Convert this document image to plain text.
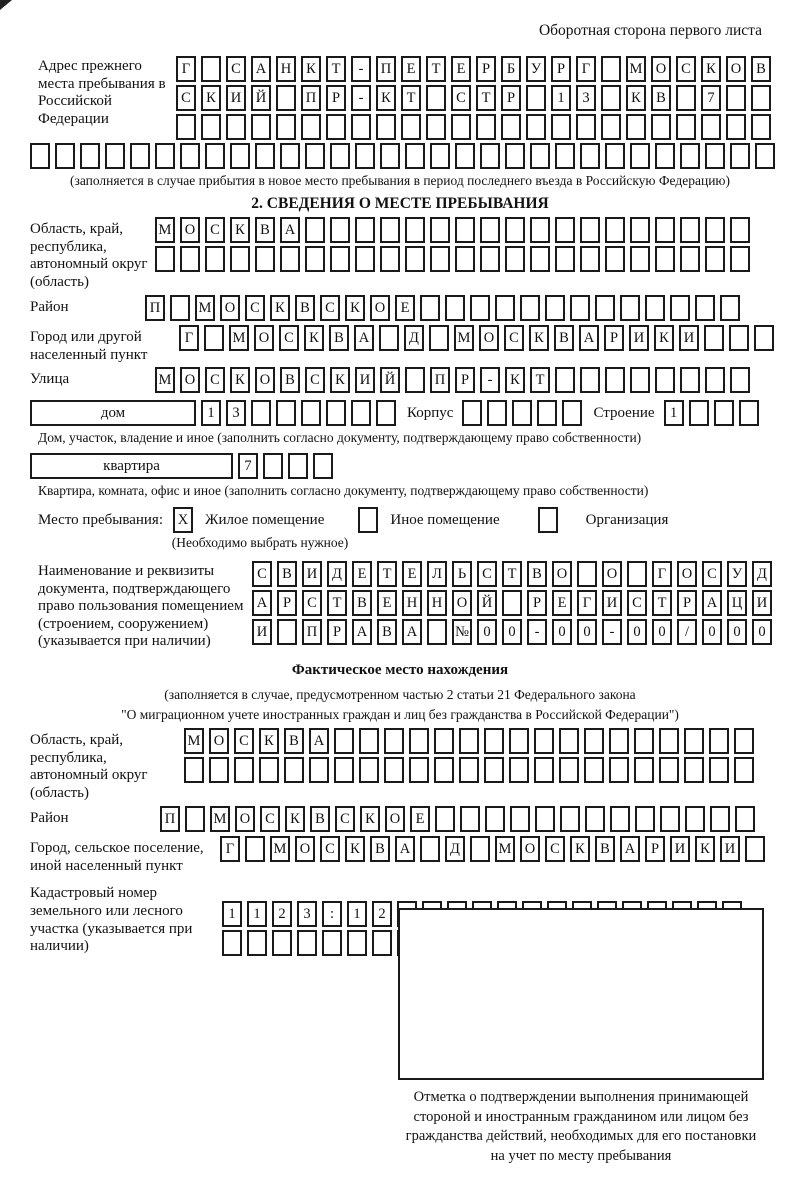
Оборотная сторона первого листа
Адрес прежнего места пребывания в Российской Федерации
Г	С	А	Н	К	Т	-	П	Е	Т	Е	Р	Б	У	Р	Г	М О	С	К	О	В
С	К	И	Й	П	Р	-	К	Т	С	Т	Р	1	3	К	В	7
(заполняется в случае прибытия в новое место пребывания в период последнего въезда в Российскую Федерацию)
2. СВЕДЕНИЯ О МЕСТЕ ПРЕБЫВАНИЯ
Область, край, республика, автономный округ (область)
М О	С	К	В	А
Район	П	М О	С	К	В	С	К	О	Е
Город или другой населенный пункт
Г	М О	С	К	В	А	Д	М О	С	К	В	А	Р	И	К	И
Улица	М О	С	К	О	В	С	К	И	Й	П	Р	-	К	Т
дом	1	3	Корпус	Строение	1
Дом, участок, владение и иное (заполнить согласно документу, подтверждающему право собственности)
квартира	7
Квартира, комната, офис и иное (заполнить согласно документу, подтверждающему право собственности)
Место пребывания:	X	Жилое помещение	Иное помещение	Организация
(Необходимо выбрать нужное)
Наименование и реквизиты документа, подтверждающего право пользования помещением (строением, сооружением) (указывается при наличии)
С	В	И	Д	Е	Т	Е	Л	Ь	С	Т	В	О	О	Г	О	С	У	Д
А	Р	С	Т	В	Е	Н	Н	О	Й	Р	Е	Г	И	С	Т	Р	А	Ц	И
И	П	Р	А	В	А	№ 0	0	-	0	0	-	0	0	/	0	0	0
Фактическое место нахождения
(заполняется в случае, предусмотренном частью 2 статьи 21 Федерального закона
"О миграционном учете иностранных граждан и лиц без гражданства в Российской Федерации")
Область, край, республика, автономный округ (область)
М О	С	К	В	А
Район	П	М О	С	К	В	С	К	О	Е
Город, сельское поселение, иной населенный пункт
Г	М О	С	К	В	А	Д	М О	С	К	В	А	Р	И	К	И
Кадастровый номер земельного или лесного участка (указывается при наличии)
1	1	2	3	:	1	2
Отметка о подтверждении выполнения принимающей стороной и иностранным гражданином или лицом без гражданства действий, необходимых для его постановки на учет по месту пребывания
